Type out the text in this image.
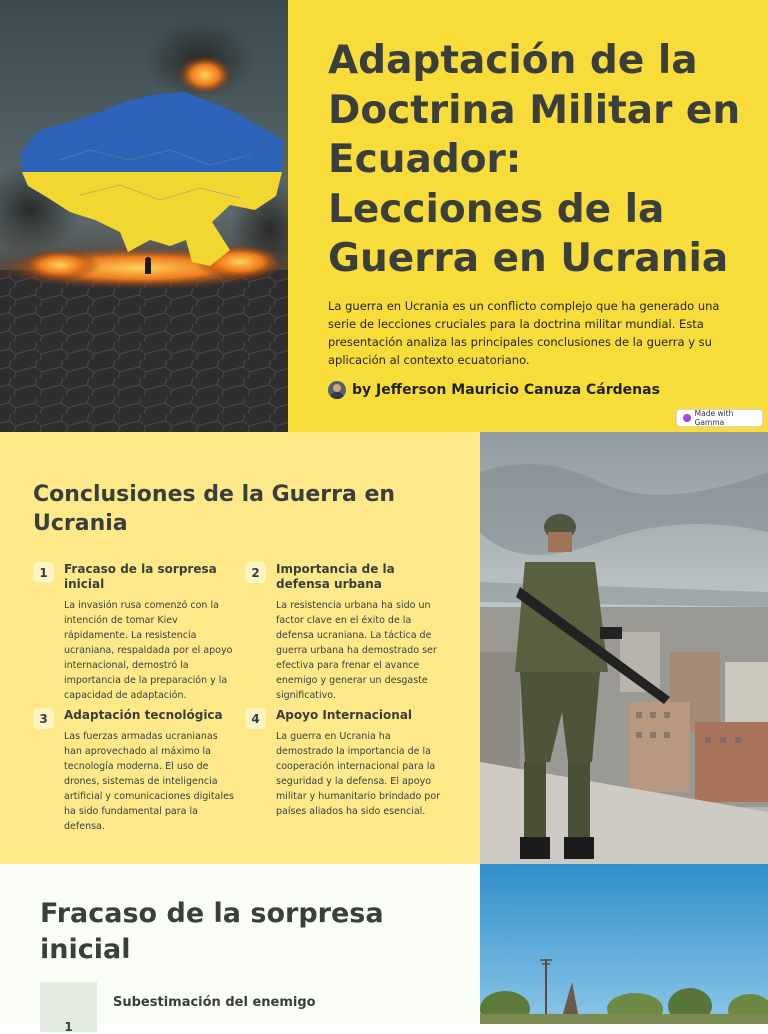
Adaptación de la Doctrina Militar en Ecuador: Lecciones de la Guerra en Ucrania

La guerra en Ucrania es un conflicto complejo que ha generado una serie de lecciones cruciales para la doctrina militar mundial. Esta presentación analiza las principales conclusiones de la guerra y su aplicación al contexto ecuatoriano.

by Jefferson Mauricio Canuza Cárdenas
Made with Gamma
Conclusiones de la Guerra en Ucrania
1	Fracaso de la sorpresa inicial

La invasión rusa comenzó con la intención de tomar Kiev rápidamente. La resistencia ucraniana, respaldada por el apoyo internacional, demostró la importancia de la preparación y la capacidad de adaptación.

2	Importancia de la defensa urbana

La resistencia urbana ha sido un factor clave en el éxito de la defensa ucraniana. La táctica de guerra urbana ha demostrado ser efectiva para frenar el avance enemigo y generar un desgaste significativo.

3	Adaptación tecnológica

Las fuerzas armadas ucranianas han aprovechado al máximo la tecnología moderna. El uso de drones, sistemas de inteligencia artificial y comunicaciones digitales ha sido fundamental para la defensa.

4	Apoyo Internacional

La guerra en Ucrania ha demostrado la importancia de la cooperación internacional para la seguridad y la defensa. El apoyo militar y humanitario brindado por países aliados ha sido esencial.

Fracaso de la sorpresa inicial
1
Subestimación del enemigo
